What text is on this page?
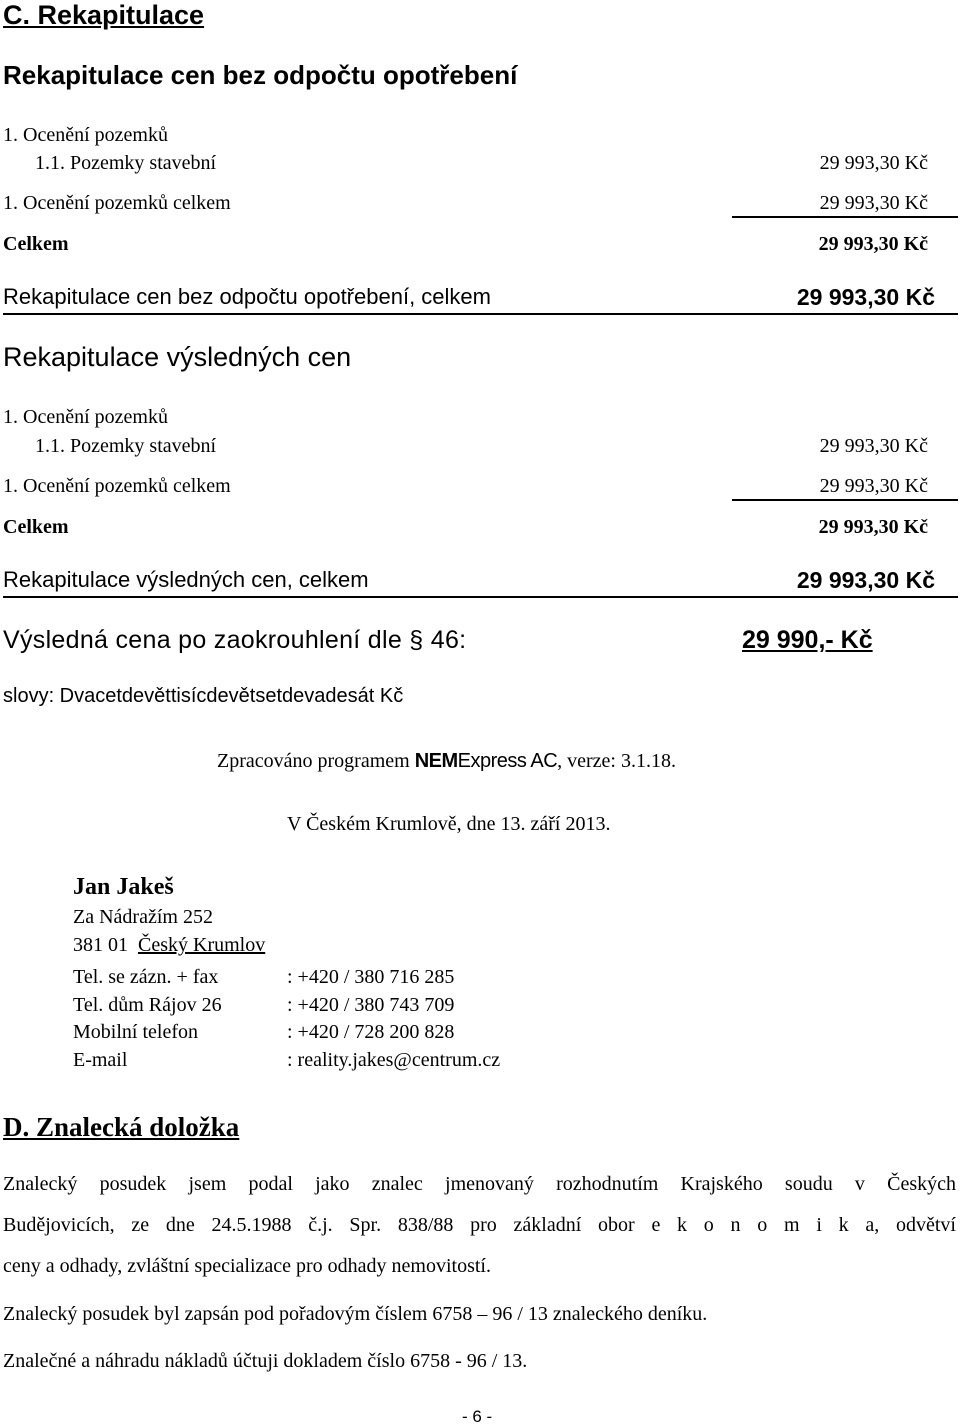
C. Rekapitulace
Rekapitulace cen bez odpočtu opotřebení
1. Ocenění pozemků
1.1. Pozemky stavební	29 993,30 Kč
1. Ocenění pozemků celkem	29 993,30 Kč
Celkem	29 993,30 Kč
Rekapitulace cen bez odpočtu opotřebení, celkem	29 993,30 Kč
Rekapitulace výsledných cen
1. Ocenění pozemků
1.1. Pozemky stavební	29 993,30 Kč
1. Ocenění pozemků celkem	29 993,30 Kč
Celkem	29 993,30 Kč
Rekapitulace výsledných cen, celkem	29 993,30 Kč
Výsledná cena po zaokrouhlení dle § 46:	29 990,- Kč
slovy: Dvacetdevěttisícdevětsetdevadesát Kč
Zpracováno programem NEMExpress AC, verze: 3.1.18.
V Českém Krumlově, dne 13. září 2013.
Jan Jakeš
Za Nádražím 252
381 01 Český Krumlov
Tel. se zázn. + fax	: +420 / 380 716 285
Tel. dům Rájov 26	: +420 / 380 743 709
Mobilní telefon	: +420 / 728 200 828
E-mail	: reality.jakes@centrum.cz
D. Znalecká doložka
Znalecký posudek jsem podal jako znalec jmenovaný rozhodnutím Krajského soudu v Českých
Budějovicích, ze dne 24.5.1988 č.j. Spr. 838/88 pro základní obor e k o n o m i k a, odvětví
ceny a odhady, zvláštní specializace pro odhady nemovitostí.
Znalecký posudek byl zapsán pod pořadovým číslem 6758 – 96 / 13 znaleckého deníku.
Znalečné a náhradu nákladů účtuji dokladem číslo 6758 - 96 / 13.
- 6 -
